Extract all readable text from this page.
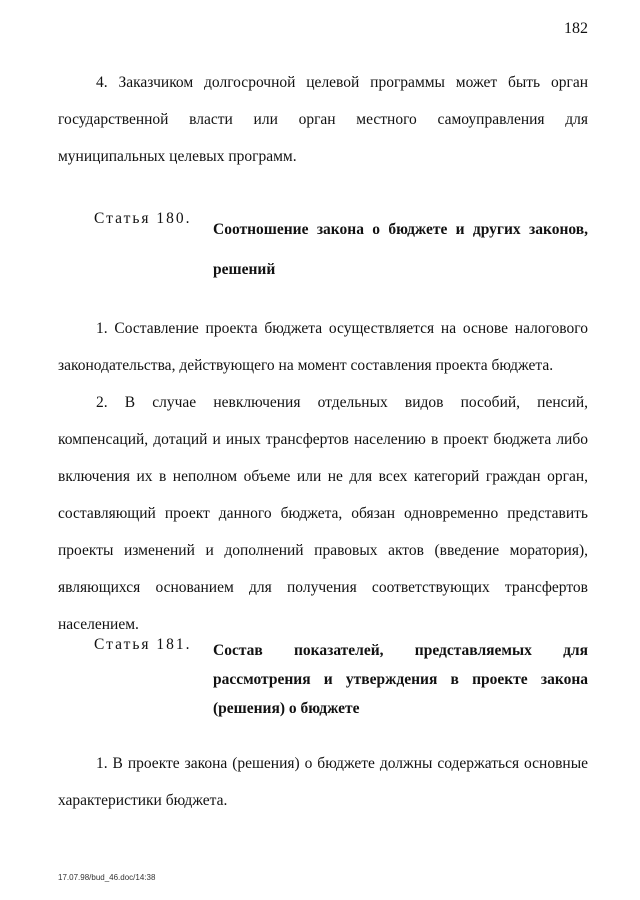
182

4. Заказчиком долгосрочной целевой программы может быть орган государственной власти или орган местного самоуправления для муниципальных целевых программ.

Статья 180.

Соотношение закона о бюджете и других законов, решений

1. Составление проекта бюджета осуществляется на основе налогового законодательства, действующего на момент составления проекта бюджета.

2. В случае невключения отдельных видов пособий, пенсий, компенсаций, дотаций и иных трансфертов населению в проект бюджета либо включения их в неполном объеме или не для всех категорий граждан орган, составляющий проект данного бюджета, обязан одновременно представить проекты изменений и дополнений правовых актов (введение моратория), являющихся основанием для получения соответствующих трансфертов населением.

Статья 181. Состав показателей, представляемых для рассмотрения и утверждения в проекте закона (решения) о бюджете

1. В проекте закона (решения) о бюджете должны содержаться основные характеристики бюджета.

17.07.98/bud_46.doc/14:38
